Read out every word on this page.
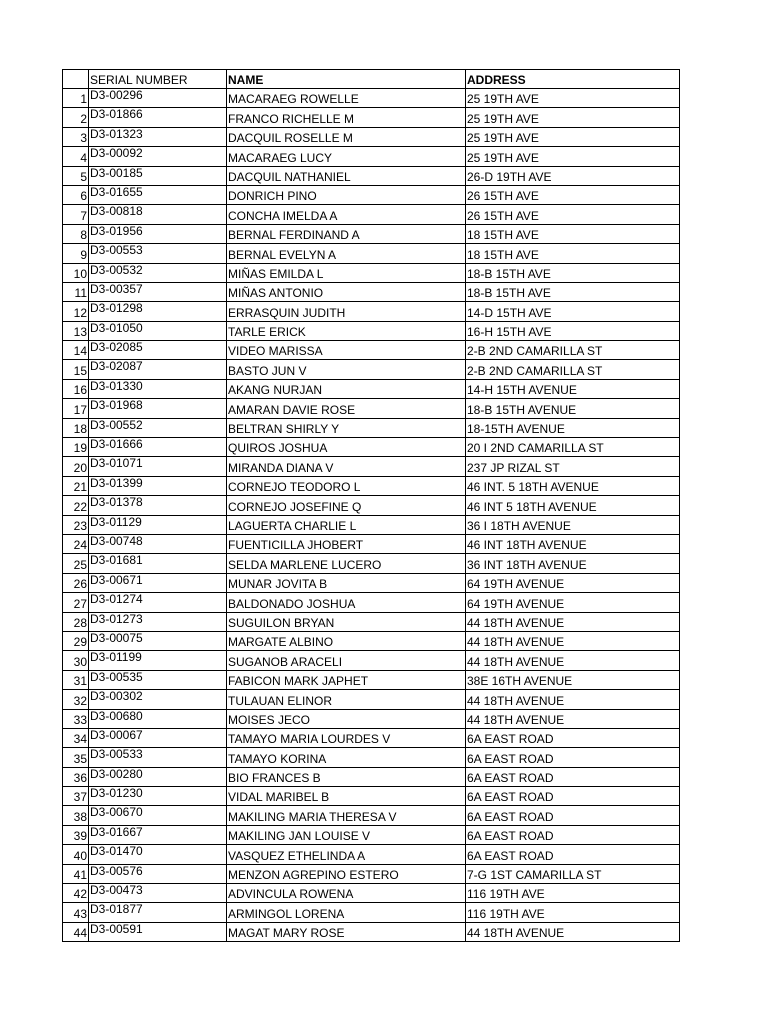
	SERIAL NUMBER	NAME	ADDRESS
1	D3-00296	MACARAEG ROWELLE	25 19TH AVE
2	D3-01866	FRANCO RICHELLE M	25 19TH AVE
3	D3-01323	DACQUIL ROSELLE M	25 19TH AVE
4	D3-00092	MACARAEG LUCY	25 19TH AVE
5	D3-00185	DACQUIL NATHANIEL	26-D 19TH AVE
6	D3-01655	DONRICH PINO	26 15TH AVE
7	D3-00818	CONCHA IMELDA A	26 15TH AVE
8	D3-01956	BERNAL FERDINAND A	18 15TH AVE
9	D3-00553	BERNAL EVELYN A	18 15TH AVE
10	D3-00532	MIÑAS EMILDA L	18-B 15TH AVE
11	D3-00357	MIÑAS ANTONIO	18-B 15TH AVE
12	D3-01298	ERRASQUIN JUDITH	14-D 15TH AVE
13	D3-01050	TARLE ERICK	16-H 15TH AVE
14	D3-02085	VIDEO MARISSA	2-B 2ND CAMARILLA ST
15	D3-02087	BASTO JUN V	2-B 2ND CAMARILLA ST
16	D3-01330	AKANG NURJAN	14-H 15TH AVENUE
17	D3-01968	AMARAN DAVIE ROSE	18-B 15TH AVENUE
18	D3-00552	BELTRAN SHIRLY Y	18-15TH AVENUE
19	D3-01666	QUIROS JOSHUA	20 I 2ND CAMARILLA ST
20	D3-01071	MIRANDA DIANA V	237 JP RIZAL ST
21	D3-01399	CORNEJO TEODORO L	46 INT. 5 18TH AVENUE
22	D3-01378	CORNEJO JOSEFINE Q	46 INT 5 18TH AVENUE
23	D3-01129	LAGUERTA CHARLIE L	36 I 18TH AVENUE
24	D3-00748	FUENTICILLA JHOBERT	46 INT 18TH AVENUE
25	D3-01681	SELDA MARLENE LUCERO	36 INT 18TH AVENUE
26	D3-00671	MUNAR JOVITA B	64 19TH AVENUE
27	D3-01274	BALDONADO JOSHUA	64 19TH AVENUE
28	D3-01273	SUGUILON BRYAN	44 18TH AVENUE
29	D3-00075	MARGATE ALBINO	44 18TH AVENUE
30	D3-01199	SUGANOB ARACELI	44 18TH AVENUE
31	D3-00535	FABICON MARK JAPHET	38E 16TH AVENUE
32	D3-00302	TULAUAN ELINOR	44 18TH AVENUE
33	D3-00680	MOISES JECO	44 18TH AVENUE
34	D3-00067	TAMAYO MARIA LOURDES V	6A EAST ROAD
35	D3-00533	TAMAYO KORINA	6A EAST ROAD
36	D3-00280	BIO FRANCES B	6A EAST ROAD
37	D3-01230	VIDAL MARIBEL B	6A EAST ROAD
38	D3-00670	MAKILING MARIA THERESA V	6A EAST ROAD
39	D3-01667	MAKILING JAN LOUISE V	6A EAST ROAD
40	D3-01470	VASQUEZ ETHELINDA A	6A EAST ROAD
41	D3-00576	MENZON AGREPINO ESTERO	7-G 1ST CAMARILLA ST
42	D3-00473	ADVINCULA ROWENA	116 19TH AVE
43	D3-01877	ARMINGOL LORENA	116 19TH AVE
44	D3-00591	MAGAT MARY ROSE	44 18TH AVENUE
